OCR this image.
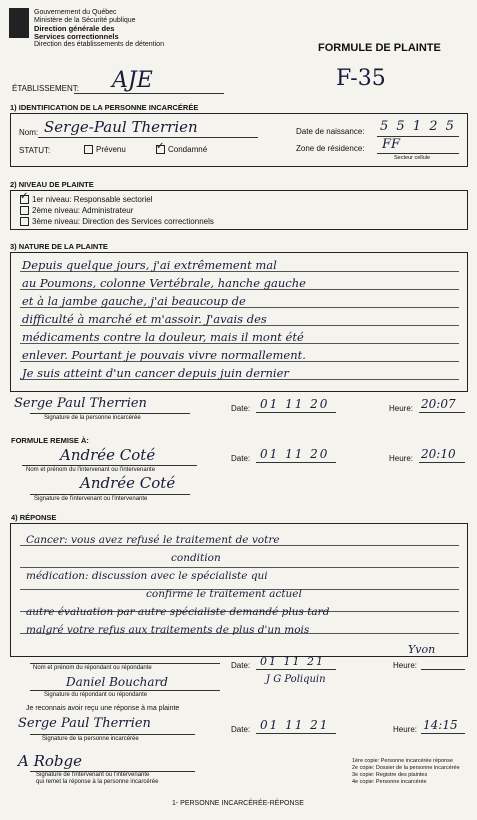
Gouvernement du Québec
Ministère de la Sécurité publique
Direction générale des
Services correctionnels
Direction des établissements de détention	FORMULE DE PLAINTE
F-35
ÉTABLISSEMENT: AJE
1) IDENTIFICATION DE LA PERSONNE INCARCÉRÉE
Nom: Serge-Paul Therrien	Date de naissance: 5 5 1 2 5
STATUT:	Prévenu
✓	Condamné	Zone de résidence: FF
Secteur cellule
2) NIVEAU DE PLAINTE
✓1er niveau: Responsable sectoriel
2ème niveau: Administrateur
3ème niveau: Direction des Services correctionnels
3) NATURE DE LA PLAINTE
Depuis quelque jours, j'ai extrêmement mal
au Poumons, colonne Vertébrale, hanche gauche
et à la jambe gauche, j'ai beaucoup de
difficulté à marché et m'assoir. J'avais des
médicaments contre la douleur, mais il mont été
enlever. Pourtant je pouvais vivre normallement.
Je suis atteint d'un cancer depuis juin dernier
Serge Paul Therrien
Signature de la personne incarcérée
Date: 01 11 20	Heure: 20:07
FORMULE REMISE À:
Andrée Coté
Nom et prénom du l'intervenant ou l'intervenante
Date: 01 11 20	Heure: 20:10
Andrée Coté
Signature de l'intervenant ou l'intervenante
4) RÉPONSE
Cancer: vous avez refusé le traitement de votre
condition
médication: discussion avec le spécialiste qui
confirme le traitement actuel
autre évaluation par autre spécialiste demandé plus tard
malgré votre refus aux traitements de plus d'un mois
Yvon
Nom et prénom du répondant ou répondante	Date: 01 11 21	Heure:
Daniel Bouchard	J G Poliquin
Signature du répondant ou répondante
Je reconnais avoir reçu une réponse à ma plainte
Serge Paul Therrien
Signature de la personne incarcérée
Date: 01 11 21	Heure: 14:15
A Robge
Signature de l'intervenant ou l'intervenante
qui remet la réponse à la personne incarcérée
1ère copie: Personne incarcérée réponse
2e copie: Dossier de la personne incarcérée
3e copie: Registre des plaintes
4e copie: Personne incarcérée
1- PERSONNE INCARCÉRÉE-RÉPONSE
